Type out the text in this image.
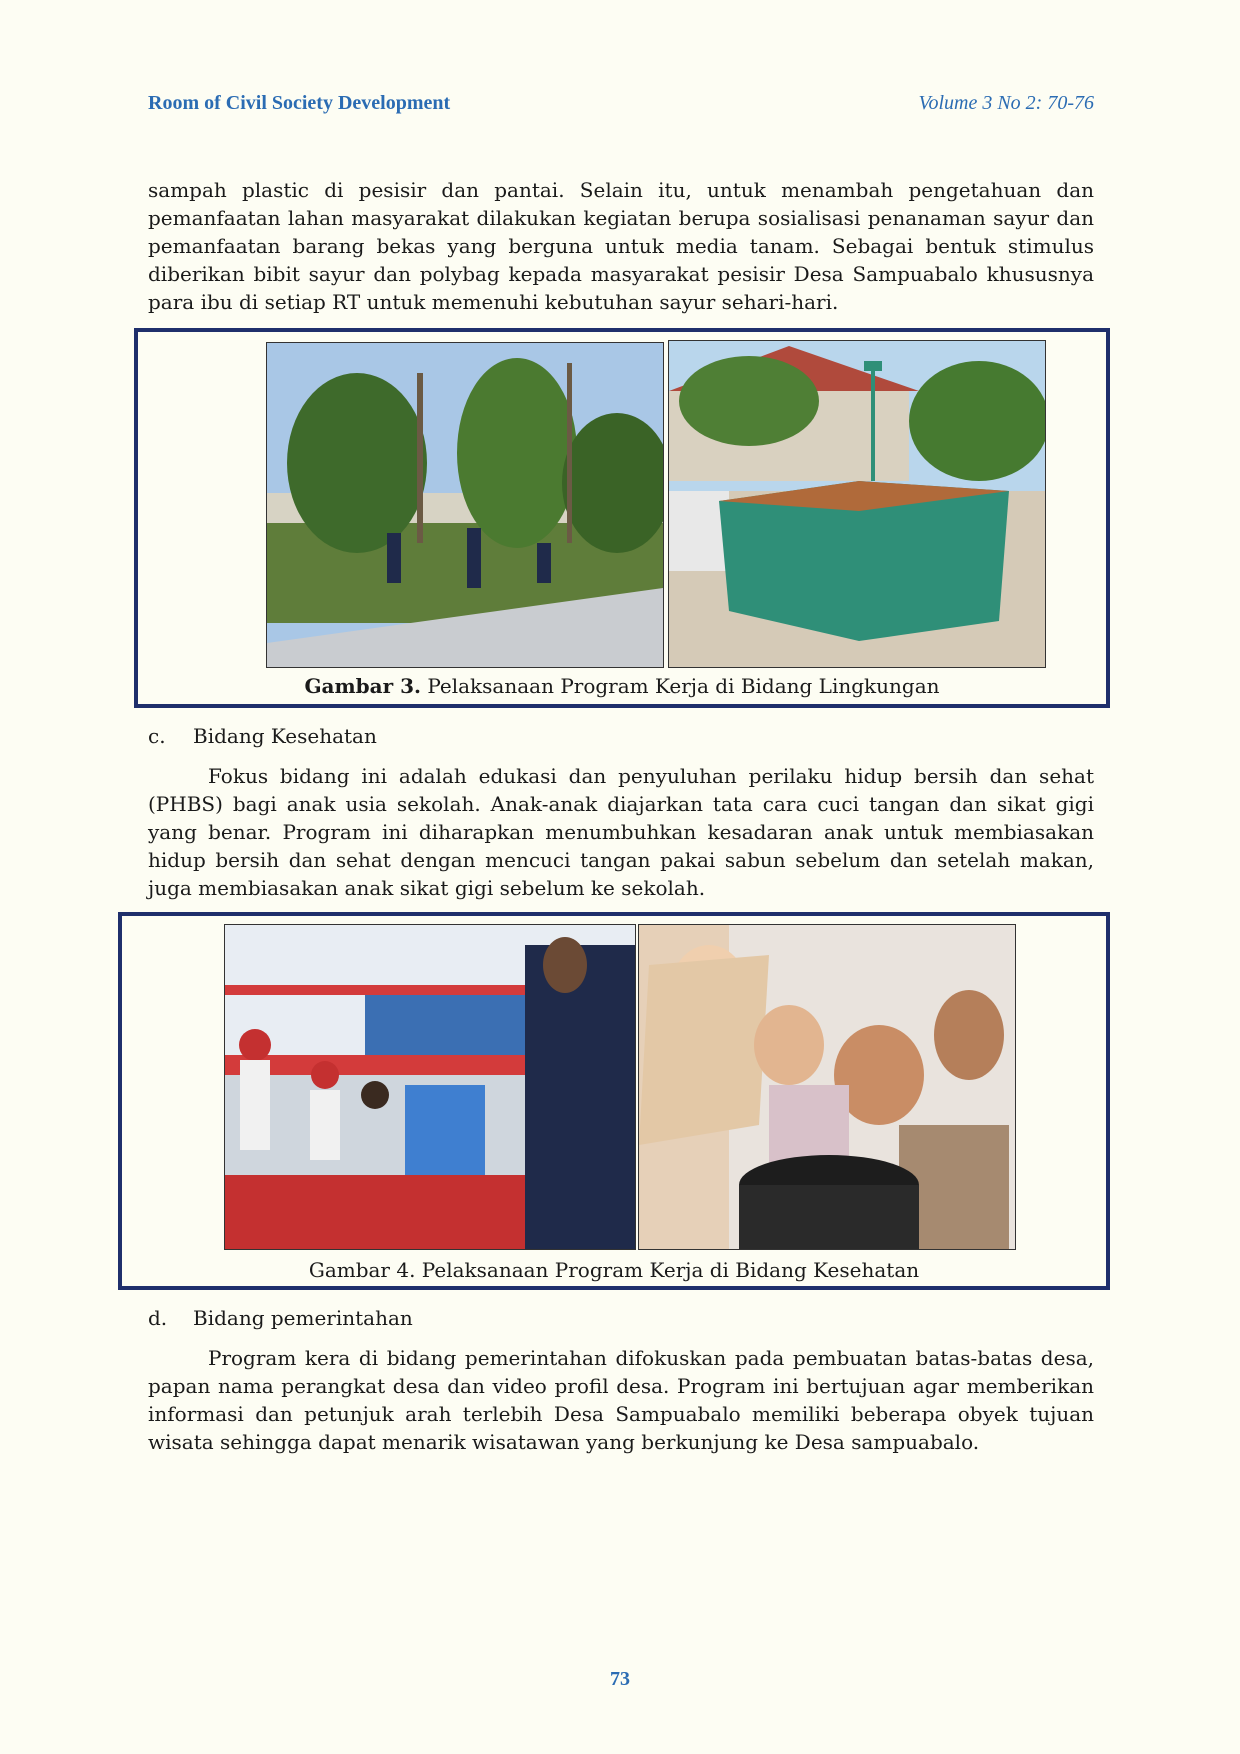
Room of Civil Society Development	Volume 3 No 2: 70-76

sampah plastic di pesisir dan pantai. Selain itu, untuk menambah pengetahuan dan pemanfaatan lahan masyarakat dilakukan kegiatan berupa sosialisasi penanaman sayur dan pemanfaatan barang bekas yang berguna untuk media tanam. Sebagai bentuk stimulus diberikan bibit sayur dan polybag kepada masyarakat pesisir Desa Sampuabalo khususnya para ibu di setiap RT untuk memenuhi kebutuhan sayur sehari-hari.

Gambar 3. Pelaksanaan Program Kerja di Bidang Lingkungan
c. Bidang Kesehatan

Fokus bidang ini adalah edukasi dan penyuluhan perilaku hidup bersih dan sehat (PHBS) bagi anak usia sekolah. Anak-anak diajarkan tata cara cuci tangan dan sikat gigi yang benar. Program ini diharapkan menumbuhkan kesadaran anak untuk membiasakan hidup bersih dan sehat dengan mencuci tangan pakai sabun sebelum dan setelah makan, juga membiasakan anak sikat gigi sebelum ke sekolah.

Gambar 4. Pelaksanaan Program Kerja di Bidang Kesehatan
d. Bidang pemerintahan

Program kera di bidang pemerintahan difokuskan pada pembuatan batas-batas desa, papan nama perangkat desa dan video profil desa. Program ini bertujuan agar memberikan informasi dan petunjuk arah terlebih Desa Sampuabalo memiliki beberapa obyek tujuan wisata sehingga dapat menarik wisatawan yang berkunjung ke Desa sampuabalo.

73
